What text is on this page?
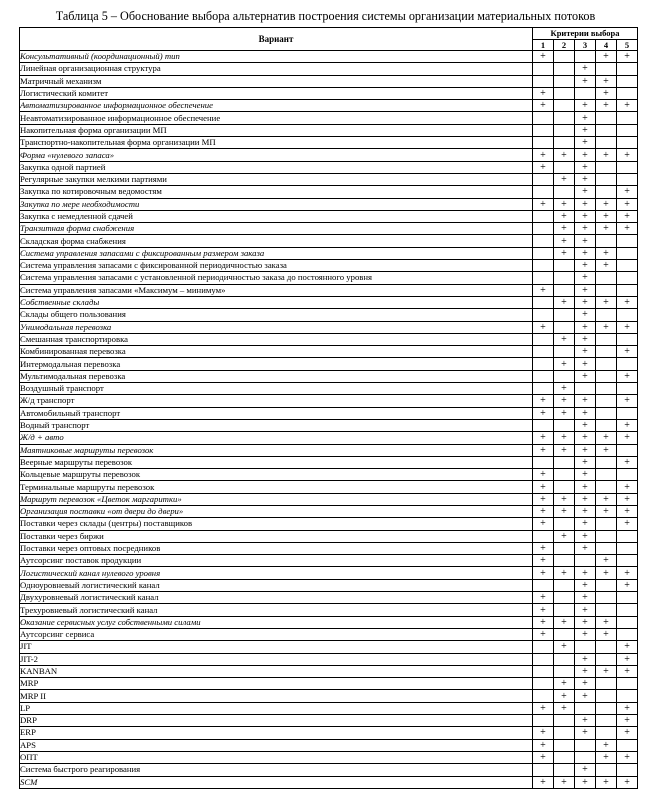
Таблица 5 – Обоснование выбора альтернатив построения системы организации материальных потоков
Вариант	Критерии выбора				
	1	2	3	4	5
Консультативный (координационный) тип	+			+	+
Линейная организационная структура			+		
Матричный механизм			+	+	
Логистический комитет	+			+	
Автоматизированное информационное обеспечение	+		+	+	+
Неавтоматизированное информационное обеспечение			+		
Накопительная форма организации МП			+		
Транспортно-накопительная форма организации МП			+		
Форма «нулевого запаса»	+	+	+	+	+
Закупка одной партией	+		+		
Регулярные закупки мелкими партиями		+	+		
Закупка по котировочным ведомостям			+		+
Закупка по мере необходимости	+	+	+	+	+
Закупка с немедленной сдачей		+	+	+	+
Транзитная форма снабжения		+	+	+	+
Складская форма снабжения		+	+		
Система управления запасами с фиксированным размером заказа		+	+	+	
Система управления запасами с фиксированной периодичностью заказа			+	+	
Система управления запасами с установленной периодичностью заказа до постоянного уровня			+		
Система управления запасами «Максимум – минимум»	+		+		
Собственные склады		+	+	+	+
Склады общего пользования			+		
Унимодальная перевозка	+		+	+	+
Смешанная транспортировка		+	+		
Комбинированная перевозка			+		+
Интермодальная перевозка		+	+		
Мультимодальная перевозка			+		+
Воздушный транспорт		+			
Ж/д транспорт	+	+	+		+
Автомобильный транспорт	+	+	+		
Водный транспорт			+		+
Ж/д + авто	+	+	+	+	+
Маятниковые маршруты перевозок	+	+	+	+	
Веерные маршруты перевозок			+		+
Кольцевые маршруты перевозок	+		+		
Терминальные маршруты перевозок	+		+		+
Маршрут перевозок «Цветок маргаритки»	+	+	+	+	+
Организация поставки «от двери до двери»	+	+	+	+	+
Поставки через склады (центры) поставщиков	+		+		+
Поставки через биржи		+	+		
Поставки через оптовых посредников	+		+		
Аутсорсинг поставок продукции	+			+	
Логистический канал нулевого уровня	+	+	+	+	+
Одноуровневый логистический канал			+		+
Двухуровневый логистический канал	+		+		
Трехуровневый логистический канал	+		+		
Оказание сервисных услуг собственными силами	+	+	+	+	
Аутсорсинг сервиса	+		+	+	
JIT		+			+
JIT-2			+		+
KANBAN			+	+	+
MRP		+	+		
MRP II		+	+		
LP	+	+			+
DRP			+		+
ERP	+		+		+
APS	+			+	
ОПТ	+			+	+
Система быстрого реагирования			+		
SCM	+	+	+	+	+
